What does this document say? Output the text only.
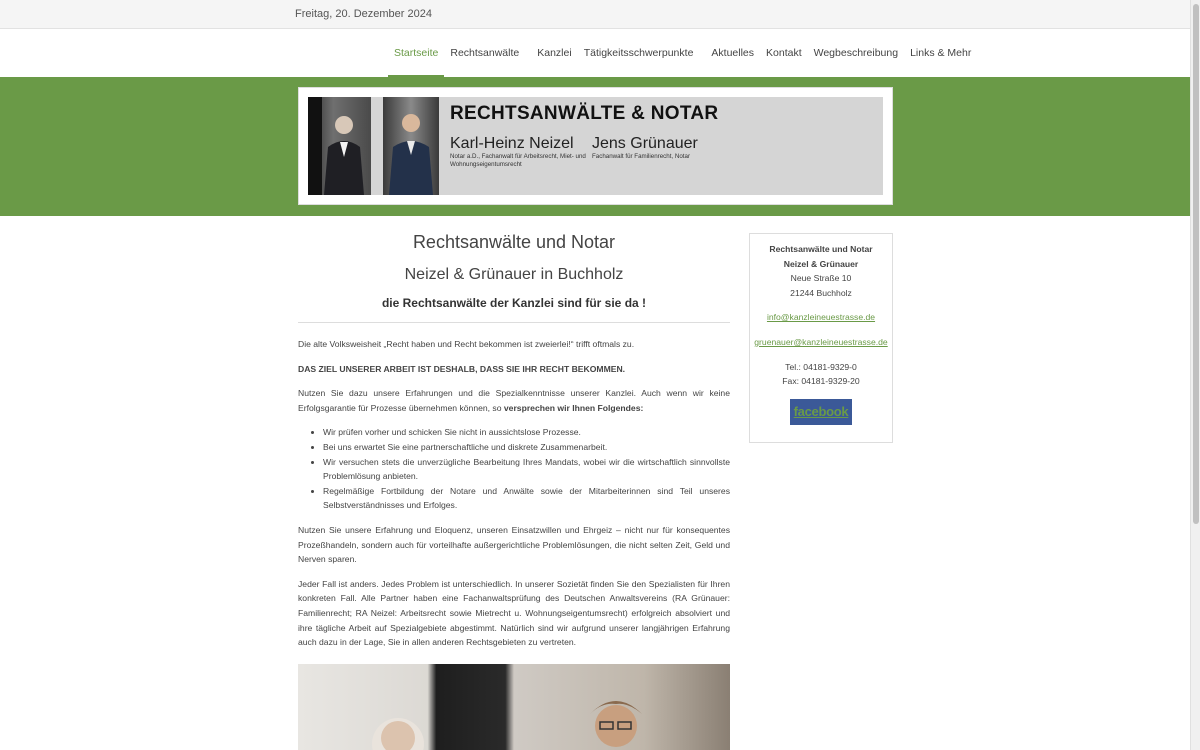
Freitag, 20. Dezember 2024
Startseite	Rechtsanwälte	Kanzlei	Tätigkeitsschwerpunkte	Aktuelles	Kontakt	Wegbeschreibung	Links & Mehr
RECHTSANWÄLTE & NOTAR
Karl-Heinz Neizel
Notar a.D., Fachanwalt für Arbeitsrecht, Miet- und Wohnungseigentumsrecht
Jens Grünauer
Fachanwalt für Familienrecht, Notar
Rechtsanwälte und Notar
Neizel & Grünauer in Buchholz
die Rechtsanwälte der Kanzlei sind für sie da !

Die alte Volksweisheit „Recht haben und Recht bekommen ist zweierlei!“ trifft oftmals zu.

DAS ZIEL UNSERER ARBEIT IST DESHALB, DASS SIE IHR RECHT BEKOMMEN.

Nutzen Sie dazu unsere Erfahrungen und die Spezialkenntnisse unserer Kanzlei. Auch wenn wir keine Erfolgsgarantie für Prozesse übernehmen können, so versprechen wir Ihnen Folgendes:

• Wir prüfen vorher und schicken Sie nicht in aussichtslose Prozesse.
• Bei uns erwartet Sie eine partnerschaftliche und diskrete Zusammenarbeit.
• Wir versuchen stets die unverzügliche Bearbeitung Ihres Mandats, wobei wir die wirtschaftlich sinnvollste Problemlösung anbieten.
• Regelmäßige Fortbildung der Notare und Anwälte sowie der Mitarbeiterinnen sind Teil unseres Selbstverständnisses und Erfolges.

Nutzen Sie unsere Erfahrung und Eloquenz, unseren Einsatzwillen und Ehrgeiz – nicht nur für konsequentes Prozeßhandeln, sondern auch für vorteilhafte außergerichtliche Problemlösungen, die nicht selten Zeit, Geld und Nerven sparen.

Jeder Fall ist anders. Jedes Problem ist unterschiedlich. In unserer Sozietät finden Sie den Spezialisten für Ihren konkreten Fall. Alle Partner haben eine Fachanwaltsprüfung des Deutschen Anwaltsvereins (RA Grünauer: Familienrecht; RA Neizel: Arbeitsrecht sowie Mietrecht u. Wohnungseigentumsrecht) erfolgreich absolviert und ihre tägliche Arbeit auf Spezialgebiete abgestimmt. Natürlich sind wir aufgrund unserer langjährigen Erfahrung auch dazu in der Lage, Sie in allen anderen Rechtsgebieten zu vertreten.

Rechtsanwälte und Notar
Neizel & Grünauer
Neue Straße 10
21244 Buchholz
info@kanzleineuestrasse.de
gruenauer@kanzleineuestrasse.de
Tel.: 04181-9329-0
Fax: 04181-9329-20
facebook
